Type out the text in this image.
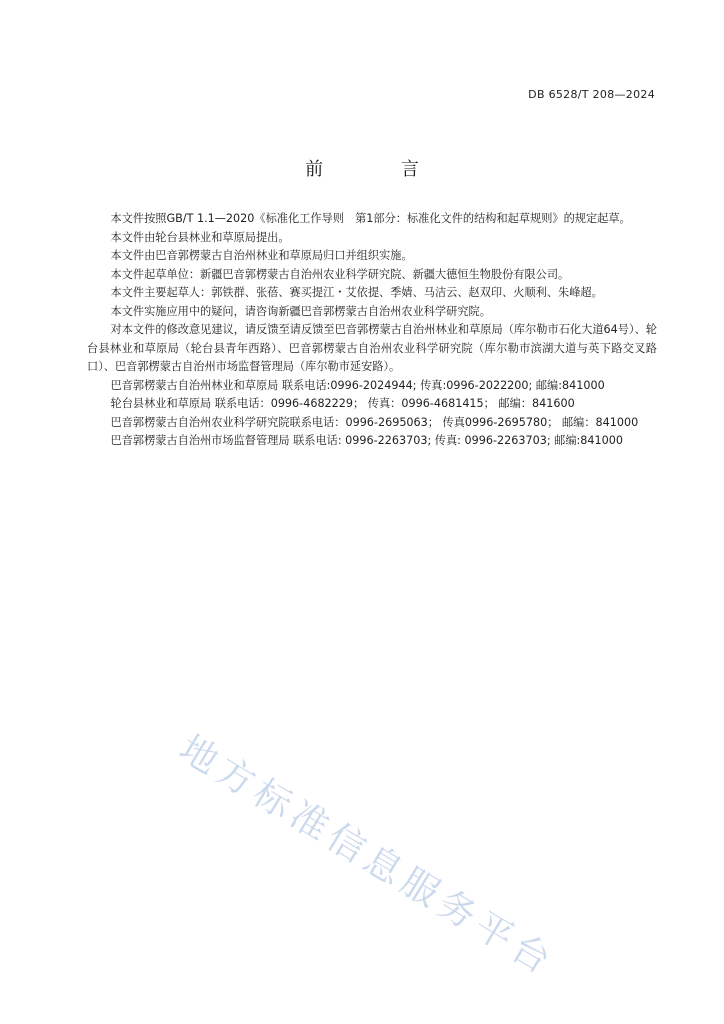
DB 6528/T 208—2024
前 言

本文件按照GB/T 1.1—2020《标准化工作导则　第1部分：标准化文件的结构和起草规则》的规定起草。

本文件由轮台县林业和草原局提出。

本文件由巴音郭楞蒙古自治州林业和草原局归口并组织实施。

本文件起草单位：新疆巴音郭楞蒙古自治州农业科学研究院、新疆大德恒生物股份有限公司。

本文件主要起草人：郭铁群、张蓓、赛买提江・艾依提、季婧、马洁云、赵双印、火顺利、朱峰超。

本文件实施应用中的疑问，请咨询新疆巴音郭楞蒙古自治州农业科学研究院。

对本文件的修改意见建议，请反馈至请反馈至巴音郭楞蒙古自治州林业和草原局（库尔勒市石化大道64号）、轮台县林业和草原局（轮台县青年西路）、巴音郭楞蒙古自治州农业科学研究院（库尔勒市滨湖大道与英下路交叉路口）、巴音郭楞蒙古自治州市场监督管理局（库尔勒市延安路）。

巴音郭楞蒙古自治州林业和草原局 联系电话:0996-2024944; 传真:0996-2022200; 邮编:841000

轮台县林业和草原局 联系电话：0996-4682229； 传真：0996-4681415； 邮编：841600

巴音郭楞蒙古自治州农业科学研究院联系电话：0996-2695063； 传真0996-2695780； 邮编：841000

巴音郭楞蒙古自治州市场监督管理局 联系电话: 0996-2263703; 传真: 0996-2263703; 邮编:841000

地方标准信息服务平台
